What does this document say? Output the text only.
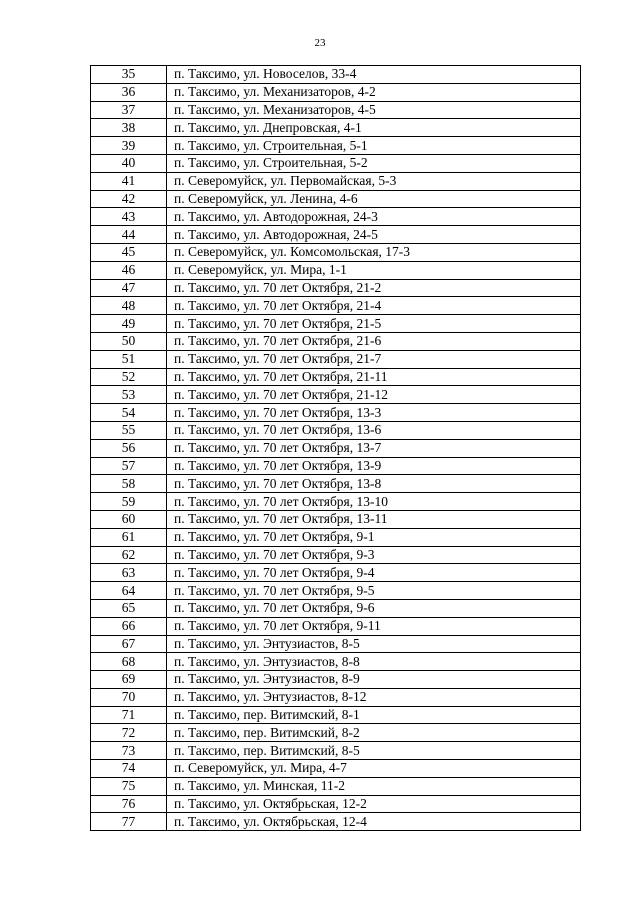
23
35	п. Таксимо, ул. Новоселов, 33-4
36	п. Таксимо, ул. Механизаторов, 4-2
37	п. Таксимо, ул. Механизаторов, 4-5
38	п. Таксимо, ул. Днепровская, 4-1
39	п. Таксимо, ул. Строительная, 5-1
40	п. Таксимо, ул. Строительная, 5-2
41	п. Северомуйск, ул. Первомайская, 5-3
42	п. Северомуйск, ул. Ленина, 4-6
43	п. Таксимо, ул. Автодорожная, 24-3
44	п. Таксимо, ул. Автодорожная, 24-5
45	п. Северомуйск, ул. Комсомольская, 17-3
46	п. Северомуйск, ул. Мира, 1-1
47	п. Таксимо, ул. 70 лет Октября, 21-2
48	п. Таксимо, ул. 70 лет Октября, 21-4
49	п. Таксимо, ул. 70 лет Октября, 21-5
50	п. Таксимо, ул. 70 лет Октября, 21-6
51	п. Таксимо, ул. 70 лет Октября, 21-7
52	п. Таксимо, ул. 70 лет Октября, 21-11
53	п. Таксимо, ул. 70 лет Октября, 21-12
54	п. Таксимо, ул. 70 лет Октября, 13-3
55	п. Таксимо, ул. 70 лет Октября, 13-6
56	п. Таксимо, ул. 70 лет Октября, 13-7
57	п. Таксимо, ул. 70 лет Октября, 13-9
58	п. Таксимо, ул. 70 лет Октября, 13-8
59	п. Таксимо, ул. 70 лет Октября, 13-10
60	п. Таксимо, ул. 70 лет Октября, 13-11
61	п. Таксимо, ул. 70 лет Октября, 9-1
62	п. Таксимо, ул. 70 лет Октября, 9-3
63	п. Таксимо, ул. 70 лет Октября, 9-4
64	п. Таксимо, ул. 70 лет Октября, 9-5
65	п. Таксимо, ул. 70 лет Октября, 9-6
66	п. Таксимо, ул. 70 лет Октября, 9-11
67	п. Таксимо, ул. Энтузиастов, 8-5
68	п. Таксимо, ул. Энтузиастов, 8-8
69	п. Таксимо, ул. Энтузиастов, 8-9
70	п. Таксимо, ул. Энтузиастов, 8-12
71	п. Таксимо, пер. Витимский, 8-1
72	п. Таксимо, пер. Витимский, 8-2
73	п. Таксимо, пер. Витимский, 8-5
74	п. Северомуйск, ул. Мира, 4-7
75	п. Таксимо, ул. Минская, 11-2
76	п. Таксимо, ул. Октябрьская, 12-2
77	п. Таксимо, ул. Октябрьская, 12-4
